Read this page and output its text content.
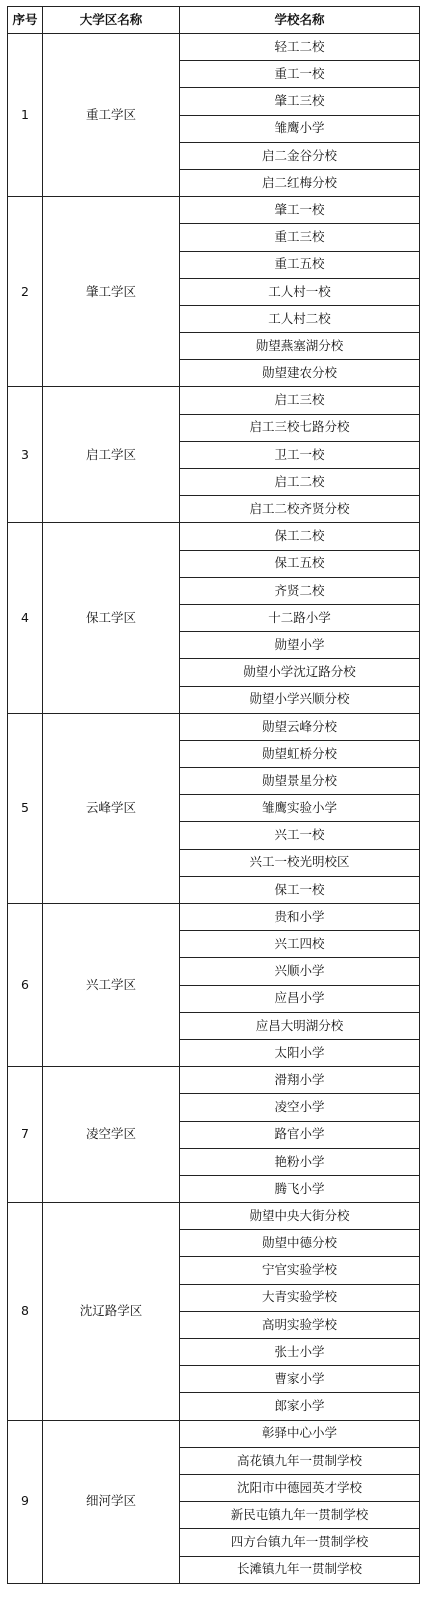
序号	大学区名称	学校名称
1	重工学区	轻工二校
		重工一校
		肇工三校
		雏鹰小学
		启二金谷分校
		启二红梅分校
2	肇工学区	肇工一校
		重工三校
		重工五校
		工人村一校
		工人村二校
		勋望燕塞湖分校
		勋望建农分校
3	启工学区	启工三校
		启工三校七路分校
		卫工一校
		启工二校
		启工二校齐贤分校
4	保工学区	保工二校
		保工五校
		齐贤二校
		十二路小学
		勋望小学
		勋望小学沈辽路分校
		勋望小学兴顺分校
5	云峰学区	勋望云峰分校
		勋望虹桥分校
		勋望景星分校
		雏鹰实验小学
		兴工一校
		兴工一校光明校区
		保工一校
6	兴工学区	贵和小学
		兴工四校
		兴顺小学
		应昌小学
		应昌大明湖分校
		太阳小学
7	凌空学区	滑翔小学
		凌空小学
		路官小学
		艳粉小学
		腾飞小学
8	沈辽路学区	勋望中央大街分校
		勋望中德分校
		宁官实验学校
		大青实验学校
		高明实验学校
		张士小学
		曹家小学
		郎家小学
9	细河学区	彰驿中心小学
		高花镇九年一贯制学校
		沈阳市中德园英才学校
		新民屯镇九年一贯制学校
		四方台镇九年一贯制学校
		长滩镇九年一贯制学校
